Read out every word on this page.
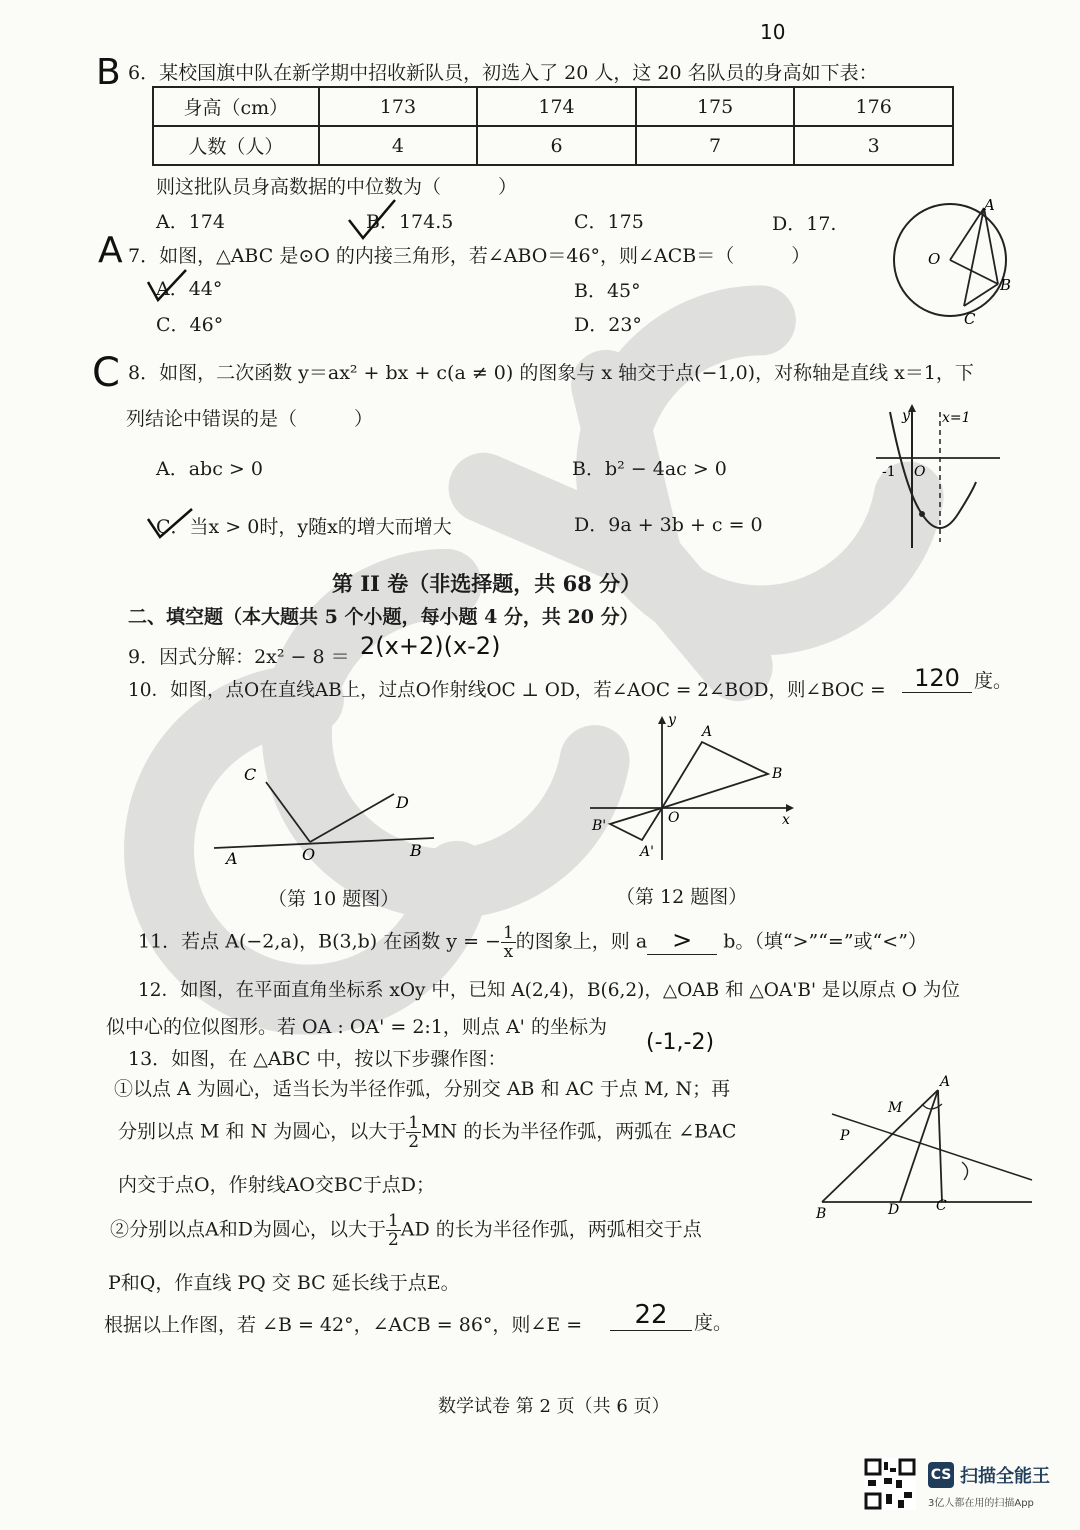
10
B 6．某校国旗中队在新学期中招收新队员，初选入了 20 人，这 20 名队员的身高如下表：
身高（cm）	173	174	175	176
人数（人）	4	6	7	3
则这批队员身高数据的中位数为（　　　）
A．174	B．174.5	C．175	D．17.
A 7．如图，△ABC 是⊙O 的内接三角形，若∠ABO＝46°，则∠ACB＝（　　　）
A．44°	B．45°
C．46°	D．23°
A
O
B
C
C 8．如图，二次函数 y＝ax² + bx + c(a ≠ 0) 的图象与 x 轴交于点(−1,0)，对称轴是直线 x＝1，下
列结论中错误的是（　　　）
A．abc > 0	B．b² − 4ac > 0
C．当x > 0时，y随x的增大而增大	D．9a + 3b + c = 0
y x=1
-1 O
第 II 卷（非选择题，共 68 分）
二、填空题（本大题共 5 个小题，每小题 4 分，共 20 分）
9．因式分解：2x² − 8 ＝ 2(x+2)(x-2)
10．如图，点O在直线AB上，过点O作射线OC ⊥ OD，若∠AOC = 2∠BOD，则∠BOC =	120 度。
C
D
A	O	B
（第 10 题图）
y
A
B
B'	O	x
A'
（第 12 题图）
11．若点 A(−2,a)，B(3,b) 在函数 y = − $\frac{1}{x}$ 的图象上，则 a > b。（填“>”“=”或“<”）
12．如图，在平面直角坐标系 xOy 中，已知 A(2,4)，B(6,2)，△OAB 和 △OA'B' 是以原点 O 为位
似中心的位似图形。若 OA : OA' = 2:1，则点 A' 的坐标为
(-1,-2)
13．如图，在 △ABC 中，按以下步骤作图：
①以点 A 为圆心，适当长为半径作弧，分别交 AB 和 AC 于点 M, N；再
分别以点 M 和 N 为圆心，以大于 $\frac{1}{2}$ MN 的长为半径作弧，两弧在 ∠BAC
内交于点O，作射线AO交BC于点D；
②分别以点A和D为圆心，以大于 $\frac{1}{2}$ AD 的长为半径作弧，两弧相交于点
P和Q，作直线 PQ 交 BC 延长线于点E。
根据以上作图，若 ∠B = 42°，∠ACB = 86°，则∠E =	22	度。
A
M
P
B	D	C
数学试卷 第 2 页（共 6 页）
CS 扫描全能王
3亿人都在用的扫描App
